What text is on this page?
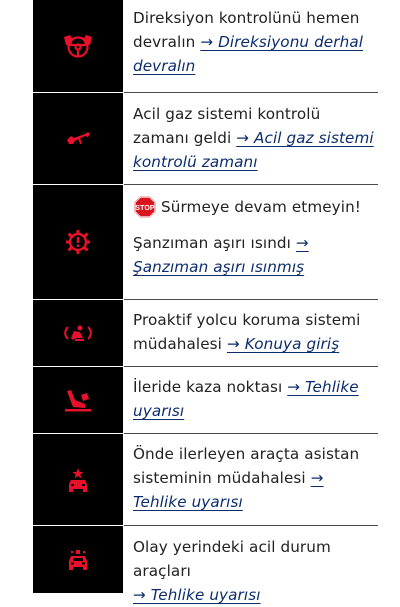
Direksiyon kontrolünü hemen devralın → Direksiyonu derhal devralın
Acil gaz sistemi kontrolü zamanı geldi → Acil gaz sistemi kontrolü zamanı
STOP Sürmeye devam etmeyin!
Şanzıman aşırı ısındı → Şanzıman aşırı ısınmış
Proaktif yolcu koruma sistemi müdahalesi → Konuya giriş
İleride kaza noktası → Tehlike uyarısı
Önde ilerleyen araçta asistan sisteminin müdahalesi → Tehlike uyarısı
Olay yerindeki acil durum araçları
→ Tehlike uyarısı
